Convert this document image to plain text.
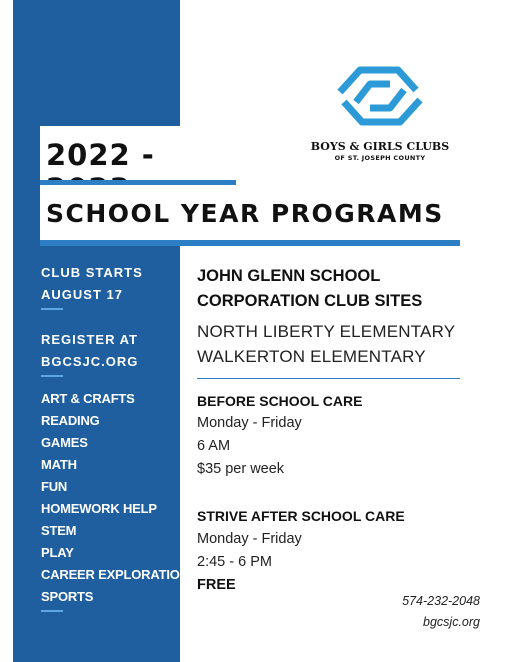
2022 -
SCHOOL YEAR PROGRAMS
BOYS & GIRLS CLUBS
OF ST. JOSEPH COUNTY
CLUB STARTS
AUGUST 17
REGISTER AT
BGCSJC.ORG
ART & CRAFTS
READING
GAMES
MATH
FUN
HOMEWORK HELP
STEM
PLAY
CAREER EXPLORATION
SPORTS
JOHN GLENN SCHOOL
CORPORATION CLUB SITES
NORTH LIBERTY ELEMENTARY
WALKERTON ELEMENTARY
BEFORE SCHOOL CARE
Monday - Friday
6 AM
$35 per week
STRIVE AFTER SCHOOL CARE
Monday - Friday
2:45 - 6 PM
FREE
574-232-2048
bgcsjc.org
